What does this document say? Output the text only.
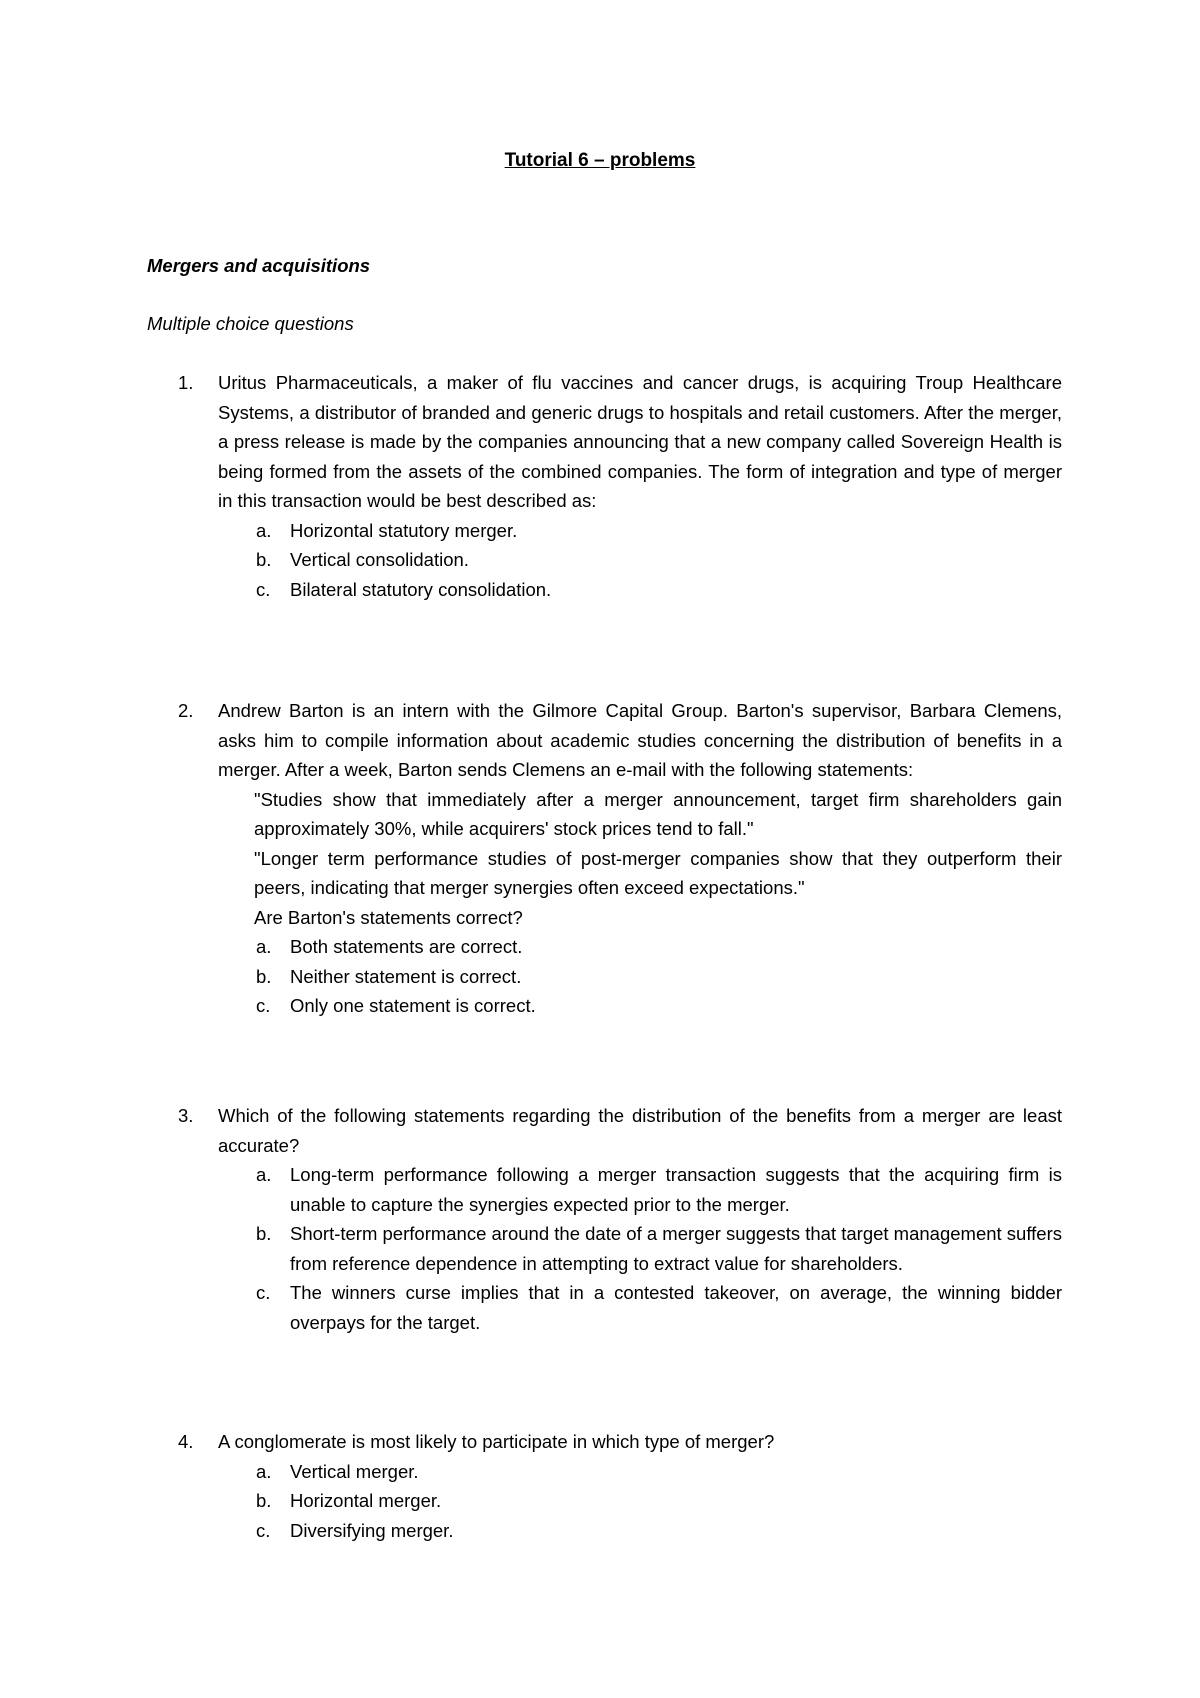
Tutorial 6 – problems
Mergers and acquisitions
Multiple choice questions
1. Uritus Pharmaceuticals, a maker of flu vaccines and cancer drugs, is acquiring Troup Healthcare Systems, a distributor of branded and generic drugs to hospitals and retail customers. After the merger, a press release is made by the companies announcing that a new company called Sovereign Health is being formed from the assets of the combined companies. The form of integration and type of merger in this transaction would be best described as:

a. Horizontal statutory merger.
b. Vertical consolidation.
c. Bilateral statutory consolidation.
2. Andrew Barton is an intern with the Gilmore Capital Group. Barton's supervisor, Barbara Clemens, asks him to compile information about academic studies concerning the distribution of benefits in a merger. After a week, Barton sends Clemens an e-mail with the following statements:

"Studies show that immediately after a merger announcement, target firm shareholders gain approximately 30%, while acquirers' stock prices tend to fall."

"Longer term performance studies of post-merger companies show that they outperform their peers, indicating that merger synergies often exceed expectations."

Are Barton's statements correct?

a. Both statements are correct.
b. Neither statement is correct.
c. Only one statement is correct.
3. Which of the following statements regarding the distribution of the benefits from a merger are least accurate?

a. Long-term performance following a merger transaction suggests that the acquiring firm is unable to capture the synergies expected prior to the merger.
b. Short-term performance around the date of a merger suggests that target management suffers from reference dependence in attempting to extract value for shareholders.
c. The winners curse implies that in a contested takeover, on average, the winning bidder overpays for the target.
4. A conglomerate is most likely to participate in which type of merger?

a. Vertical merger.
b. Horizontal merger.
c. Diversifying merger.
